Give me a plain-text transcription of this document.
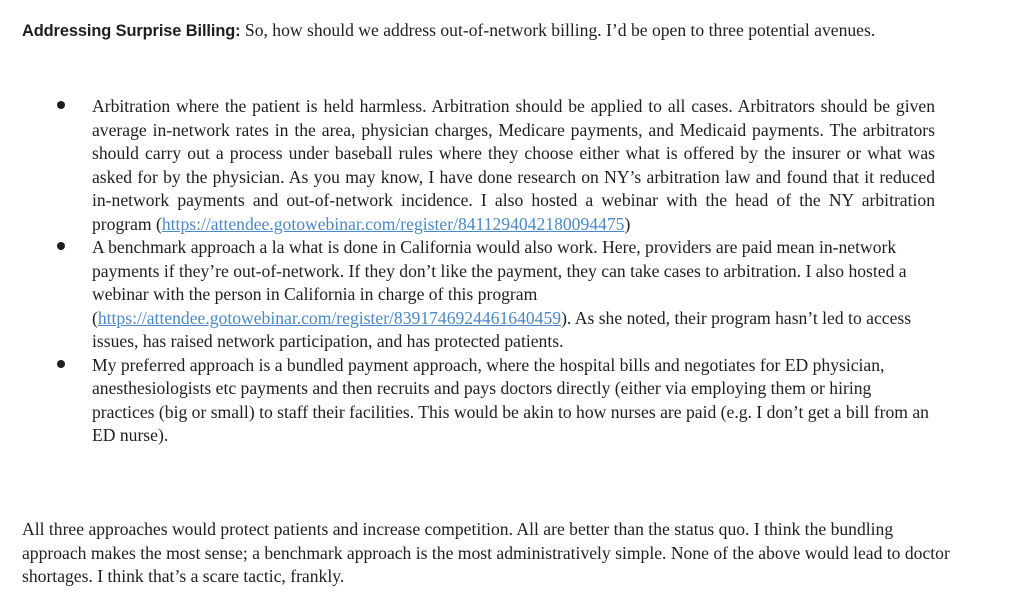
Addressing Surprise Billing: So, how should we address out-of-network billing. I’d be open to three potential avenues.

Arbitration where the patient is held harmless. Arbitration should be applied to all cases. Arbitrators should be given average in-network rates in the area, physician charges, Medicare payments, and Medicaid payments. The arbitrators should carry out a process under baseball rules where they choose either what is offered by the insurer or what was asked for by the physician. As you may know, I have done research on NY’s arbitration law and found that it reduced in-network payments and out-of-network incidence. I also hosted a webinar with the head of the NY arbitration program (https://attendee.gotowebinar.com/register/8411294042180094475)
A benchmark approach a la what is done in California would also work. Here, providers are paid mean in-network payments if they’re out-of-network. If they don’t like the payment, they can take cases to arbitration. I also hosted a webinar with the person in California in charge of this program (https://attendee.gotowebinar.com/register/8391746924461640459). As she noted, their program hasn’t led to access issues, has raised network participation, and has protected patients.
My preferred approach is a bundled payment approach, where the hospital bills and negotiates for ED physician, anesthesiologists etc payments and then recruits and pays doctors directly (either via employing them or hiring practices (big or small) to staff their facilities. This would be akin to how nurses are paid (e.g. I don’t get a bill from an ED nurse).

All three approaches would protect patients and increase competition. All are better than the status quo. I think the bundling approach makes the most sense; a benchmark approach is the most administratively simple. None of the above would lead to doctor shortages. I think that’s a scare tactic, frankly.
